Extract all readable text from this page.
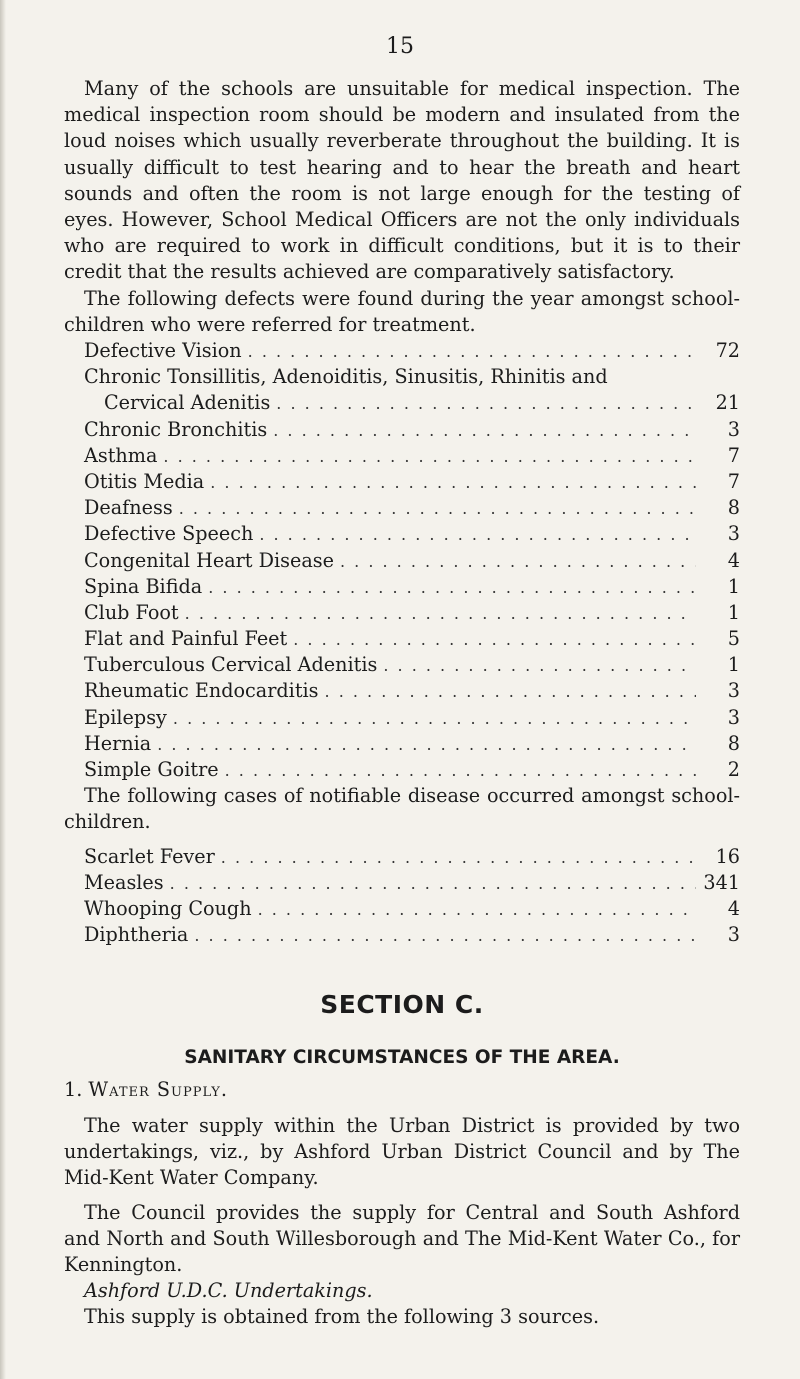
15

Many of the schools are unsuitable for medical inspection. The medical inspection room should be modern and insulated from the loud noises which usually reverberate throughout the building. It is usually difficult to test hearing and to hear the breath and heart sounds and often the room is not large enough for the testing of eyes. However, School Medical Officers are not the only individuals who are required to work in difficult conditions, but it is to their credit that the results achieved are comparatively satisfactory.

The following defects were found during the year amongst school-children who were referred for treatment.

Defective Vision . . .	72
Chronic Tonsillitis, Adenoiditis, Sinusitis, Rhinitis and
Cervical Adenitis . . .	21
Chronic Bronchitis . . .	3
Asthma . . .	7
Otitis Media . . .	7
Deafness . . .	8
Defective Speech . . .	3
Congenital Heart Disease . . .	4
Spina Bifida . . .	1
Club Foot . . .	1
Flat and Painful Feet . . .	5
Tuberculous Cervical Adenitis . . .	1
Rheumatic Endocarditis . . .	3
Epilepsy . . .	3
Hernia . . .	8
Simple Goitre . . .	2

The following cases of notifiable disease occurred amongst school-children.

Scarlet Fever . . .	16
Measles . . .	341
Whooping Cough . . .	4
Diphtheria . . .	3
SECTION C.
SANITARY CIRCUMSTANCES OF THE AREA.

1. Water Supply.

The water supply within the Urban District is provided by two undertakings, viz., by Ashford Urban District Council and by The Mid-Kent Water Company.

The Council provides the supply for Central and South Ashford and North and South Willesborough and The Mid-Kent Water Co., for Kennington.

Ashford U.D.C. Undertakings.

This supply is obtained from the following 3 sources.
